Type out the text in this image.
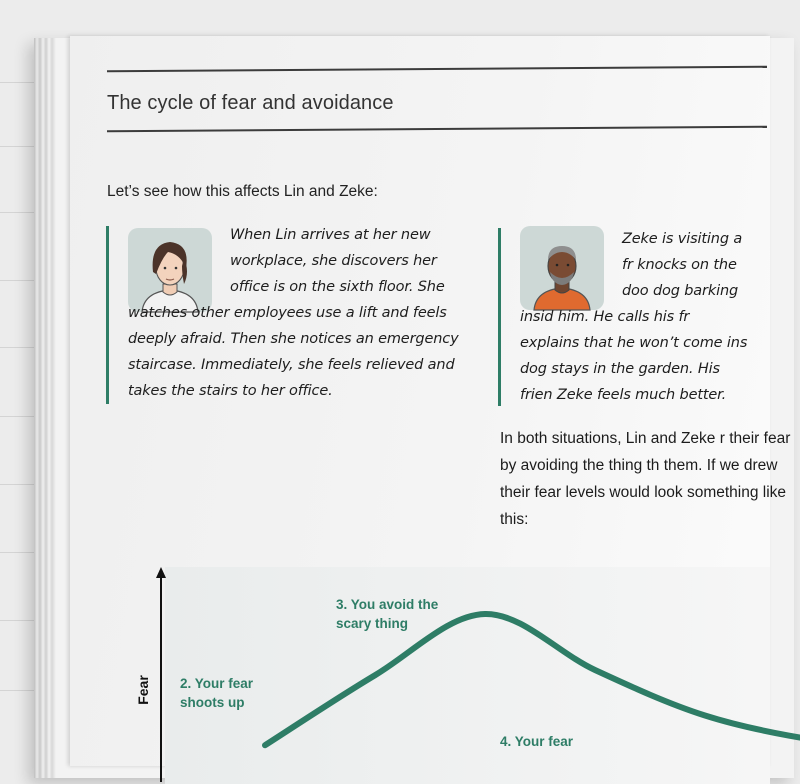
The cycle of fear and avoidance

Let’s see how this affects Lin and Zeke:

When Lin arrives at her new workplace, she discovers her office is on the sixth floor. She watches other employees use a lift and feels deeply afraid. Then she notices an emergency staircase. Immediately, she feels relieved and takes the stairs to her office.

Zeke is visiting a fr knocks on the doo dog barking insid him. He calls his fr explains that he won’t come ins dog stays in the garden. His frien Zeke feels much better.

In both situations, Lin and Zeke r their fear by avoiding the thing th them. If we drew their fear levels would look something like this:

Fear 2. Your fear shoots up

3. You avoid the scary thing

4. Your fear
